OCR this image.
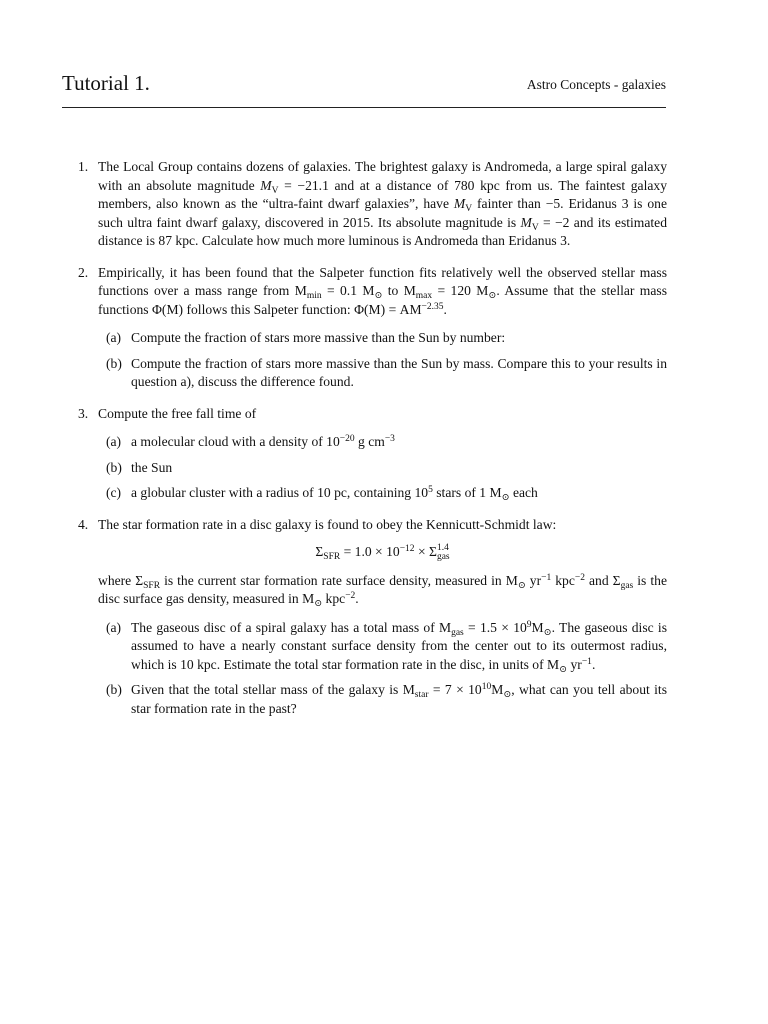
Tutorial 1.	Astro Concepts - galaxies
1. The Local Group contains dozens of galaxies. The brightest galaxy is Andromeda, a large spiral galaxy with an absolute magnitude $M_V = -21.1$ and at a distance of 780 kpc from us. The faintest galaxy members, also known as the “ultra-faint dwarf galaxies”, have $M_V$ fainter than −5. Eridanus 3 is one such ultra faint dwarf galaxy, discovered in 2015. Its absolute magnitude is $M_V = -2$ and its estimated distance is 87 kpc. Calculate how much more luminous is Andromeda than Eridanus 3.
2. Empirically, it has been found that the Salpeter function fits relatively well the observed stellar mass functions over a mass range from $M_{min} = 0.1$ $M_⊙$ to $M_{max} = 120$ $M_⊙$. Assume that the stellar mass functions Φ(M) follows this Salpeter function: $\Phi(M) = AM^{-2.35}$.
(a) Compute the fraction of stars more massive than the Sun by number:
(b) Compute the fraction of stars more massive than the Sun by mass. Compare this to your results in question a), discuss the difference found.
3. Compute the free fall time of
(a) a molecular cloud with a density of $10^{-20}$ g $cm^{-3}$
(b) the Sun
(c) a globular cluster with a radius of 10 pc, containing $10^5$ stars of 1 $M_⊙$ each
4. The star formation rate in a disc galaxy is found to obey the Kennicutt-Schmidt law:
$\Sigma_{SFR} = 1.0 \times 10^{-12} \times \Sigma$ 1.4
gas
where $\Sigma_{SFR}$ is the current star formation rate surface density, measured in $M_⊙$ $yr^{-1}$ kpc$^{-2}$ and $\Sigma_{gas}$ is the disc surface gas density, measured in $M_⊙$ kpc$^{-2}$.
(a) The gaseous disc of a spiral galaxy has a total mass of $M_{gas} = 1.5 \times 10^9M_⊙$. The gaseous disc is assumed to have a nearly constant surface density from the center out to its outermost radius, which is 10 kpc. Estimate the total star formation rate in the disc, in units of $M_⊙$ $yr^{-1}$.
(b) Given that the total stellar mass of the galaxy is $M_{star} = 7 \times 10^{10}M_⊙$, what can you tell about its star formation rate in the past?
